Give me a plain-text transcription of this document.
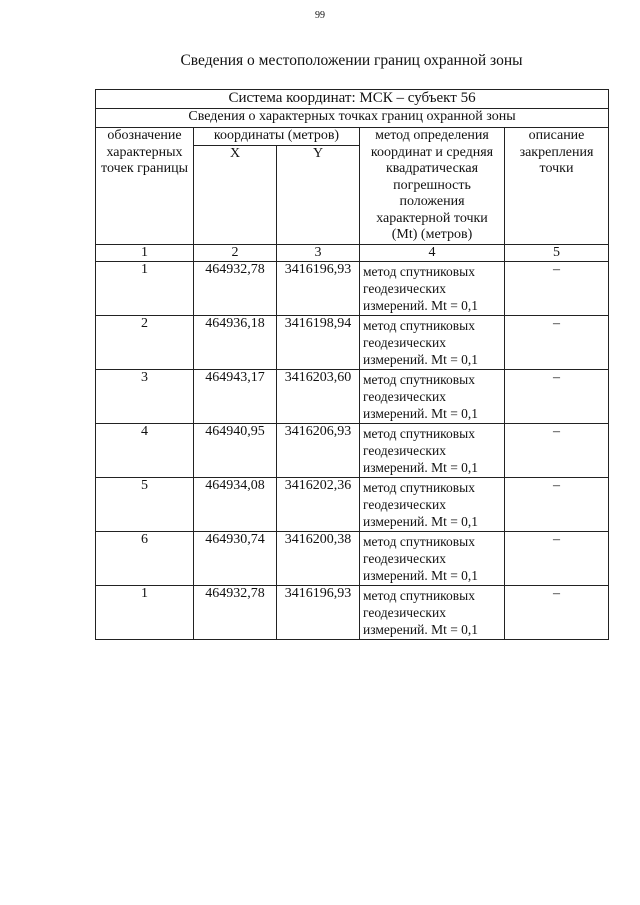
99
Сведения о местоположении границ охранной зоны
Система координат: МСК – субъект 56				
Сведения о характерных точках границ охранной зоны				
обозначение характерных точек границы	координаты (метров)		метод определения координат и средняя квадратическая погрешность положения характерной точки (Mt) (метров)	описание закрепления точки
	X	Y		
1	2	3	4	5
1	464932,78	3416196,93	метод спутниковых геодезических измерений. Mt = 0,1	–
2	464936,18	3416198,94	метод спутниковых геодезических измерений. Mt = 0,1	–
3	464943,17	3416203,60	метод спутниковых геодезических измерений. Mt = 0,1	–
4	464940,95	3416206,93	метод спутниковых геодезических измерений. Mt = 0,1	–
5	464934,08	3416202,36	метод спутниковых геодезических измерений. Mt = 0,1	–
6	464930,74	3416200,38	метод спутниковых геодезических измерений. Mt = 0,1	–
1	464932,78	3416196,93	метод спутниковых геодезических измерений. Mt = 0,1	–
